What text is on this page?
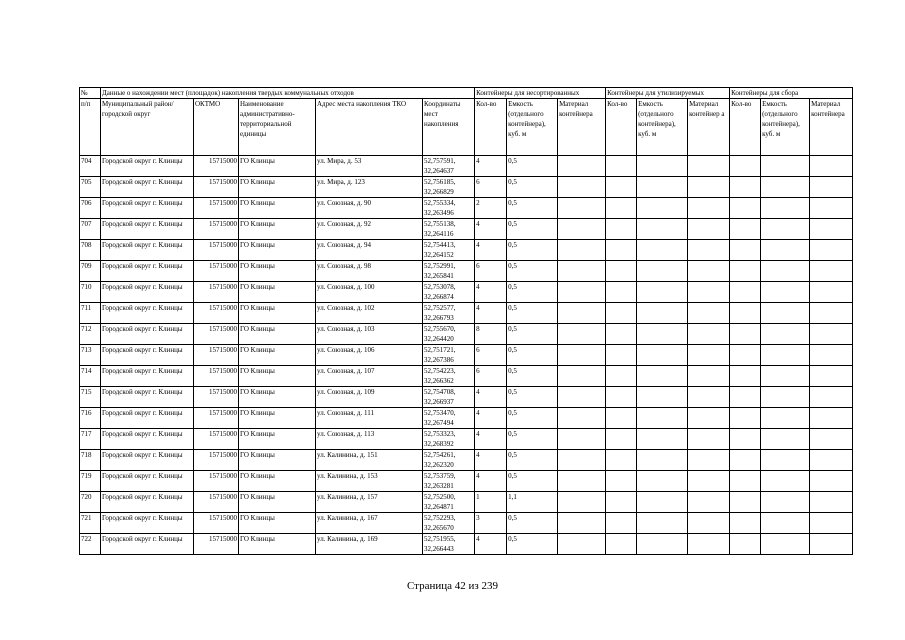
№	Данные о нахождении мест (площадок) накопления твердых коммунальных отходов					Контейнеры для несортированных			Контейнеры для утилизируемых			Контейнеры для сбора		
п/п	Муниципальный район/городской округ	ОКТМО	Наименование административно-территориальной единицы	Адрес места накопления ТКО	Координаты мест накопления	Кол-во	Емкость (отдельного контейнера), куб. м	Материал контейнера	Кол-во	Емкость (отдельного контейнера), куб. м	Материал контейнер а	Кол-во	Емкость (отдельного контейнера), куб. м	Материал контейнера
704	Городской округ г. Клинцы	15715000	ГО Клинцы	ул. Мира, д. 53	52,757591, 32,264637	4	0,5							
705	Городской округ г. Клинцы	15715000	ГО Клинцы	ул. Мира, д. 123	52,756185, 32,266829	6	0,5							
706	Городской округ г. Клинцы	15715000	ГО Клинцы	ул. Союзная, д. 90	52,755334, 32,263496	2	0,5							
707	Городской округ г. Клинцы	15715000	ГО Клинцы	ул. Союзная, д. 92	52,755138, 32,264116	4	0,5							
708	Городской округ г. Клинцы	15715000	ГО Клинцы	ул. Союзная, д. 94	52,754413, 32,264152	4	0,5							
709	Городской округ г. Клинцы	15715000	ГО Клинцы	ул. Союзная, д. 98	52,752991, 32,265841	6	0,5							
710	Городской округ г. Клинцы	15715000	ГО Клинцы	ул. Союзная, д. 100	52,753078, 32,266874	4	0,5							
711	Городской округ г. Клинцы	15715000	ГО Клинцы	ул. Союзная, д. 102	52,752577, 32,266793	4	0,5							
712	Городской округ г. Клинцы	15715000	ГО Клинцы	ул. Союзная, д. 103	52,755670, 32,264420	8	0,5							
713	Городской округ г. Клинцы	15715000	ГО Клинцы	ул. Союзная, д. 106	52,751721, 32,267386	6	0,5							
714	Городской округ г. Клинцы	15715000	ГО Клинцы	ул. Союзная, д. 107	52,754223, 32,266362	6	0,5							
715	Городской округ г. Клинцы	15715000	ГО Клинцы	ул. Союзная, д. 109	52,754708, 32,266937	4	0,5							
716	Городской округ г. Клинцы	15715000	ГО Клинцы	ул. Союзная, д. 111	52,753470, 32,267494	4	0,5							
717	Городской округ г. Клинцы	15715000	ГО Клинцы	ул. Союзная, д. 113	52,753323, 32,268392	4	0,5							
718	Городской округ г. Клинцы	15715000	ГО Клинцы	ул. Калинина, д. 151	52,754261, 32,262320	4	0,5							
719	Городской округ г. Клинцы	15715000	ГО Клинцы	ул. Калинина, д. 153	52,753759, 32,263281	4	0,5							
720	Городской округ г. Клинцы	15715000	ГО Клинцы	ул. Калинина, д. 157	52,752500, 32,264871	1	1,1							
721	Городской округ г. Клинцы	15715000	ГО Клинцы	ул. Калинина, д. 167	52,752293, 32,265670	3	0,5							
722	Городской округ г. Клинцы	15715000	ГО Клинцы	ул. Калинина, д. 169	52,751955, 32,266443	4	0,5							
Страница 42 из 239
